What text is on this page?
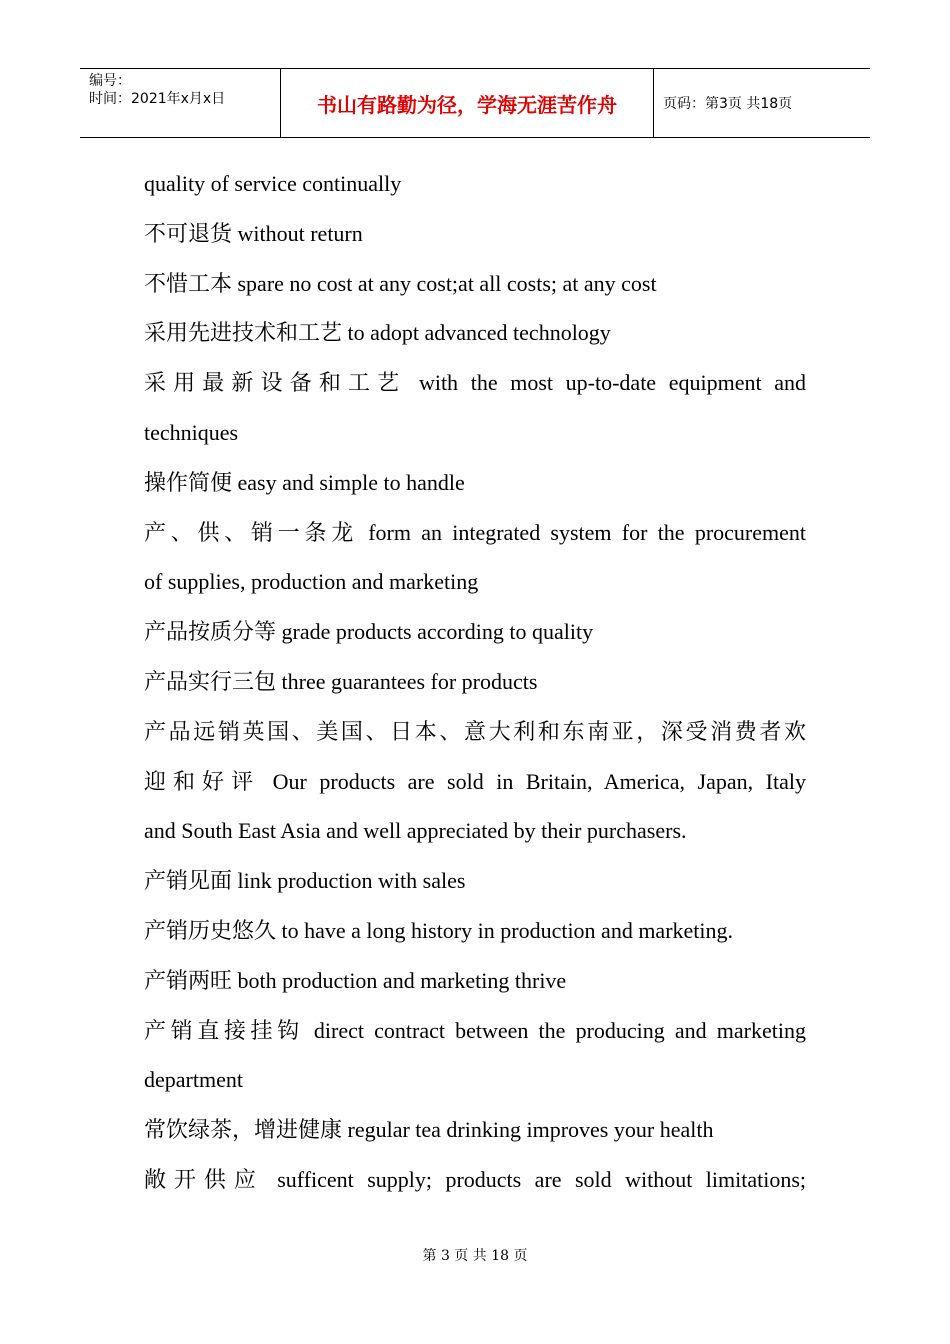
编号：
时间：2021年x月x日	书山有路勤为径，学海无涯苦作舟	页码：第3页 共18页
quality of service continually
不可退货 without return
不惜工本 spare no cost at any cost;at all costs; at any cost
采用先进技术和工艺 to adopt advanced technology
采用最新设备和工艺 with the most up-to-date equipment and
techniques
操作简便 easy and simple to handle
产、供、销一条龙 form an integrated system for the procurement
of supplies, production and marketing
产品按质分等 grade products according to quality
产品实行三包 three guarantees for products
产品远销英国、美国、日本、意大利和东南亚，深受消费者欢
迎和好评 Our products are sold in Britain, America, Japan, Italy
and South East Asia and well appreciated by their purchasers.
产销见面 link production with sales
产销历史悠久 to have a long history in production and marketing.
产销两旺 both production and marketing thrive
产销直接挂钩 direct contract between the producing and marketing
department
常饮绿茶，增进健康 regular tea drinking improves your health
敞开供应 sufficent supply; products are sold without limitations;
第 3 页 共 18 页
